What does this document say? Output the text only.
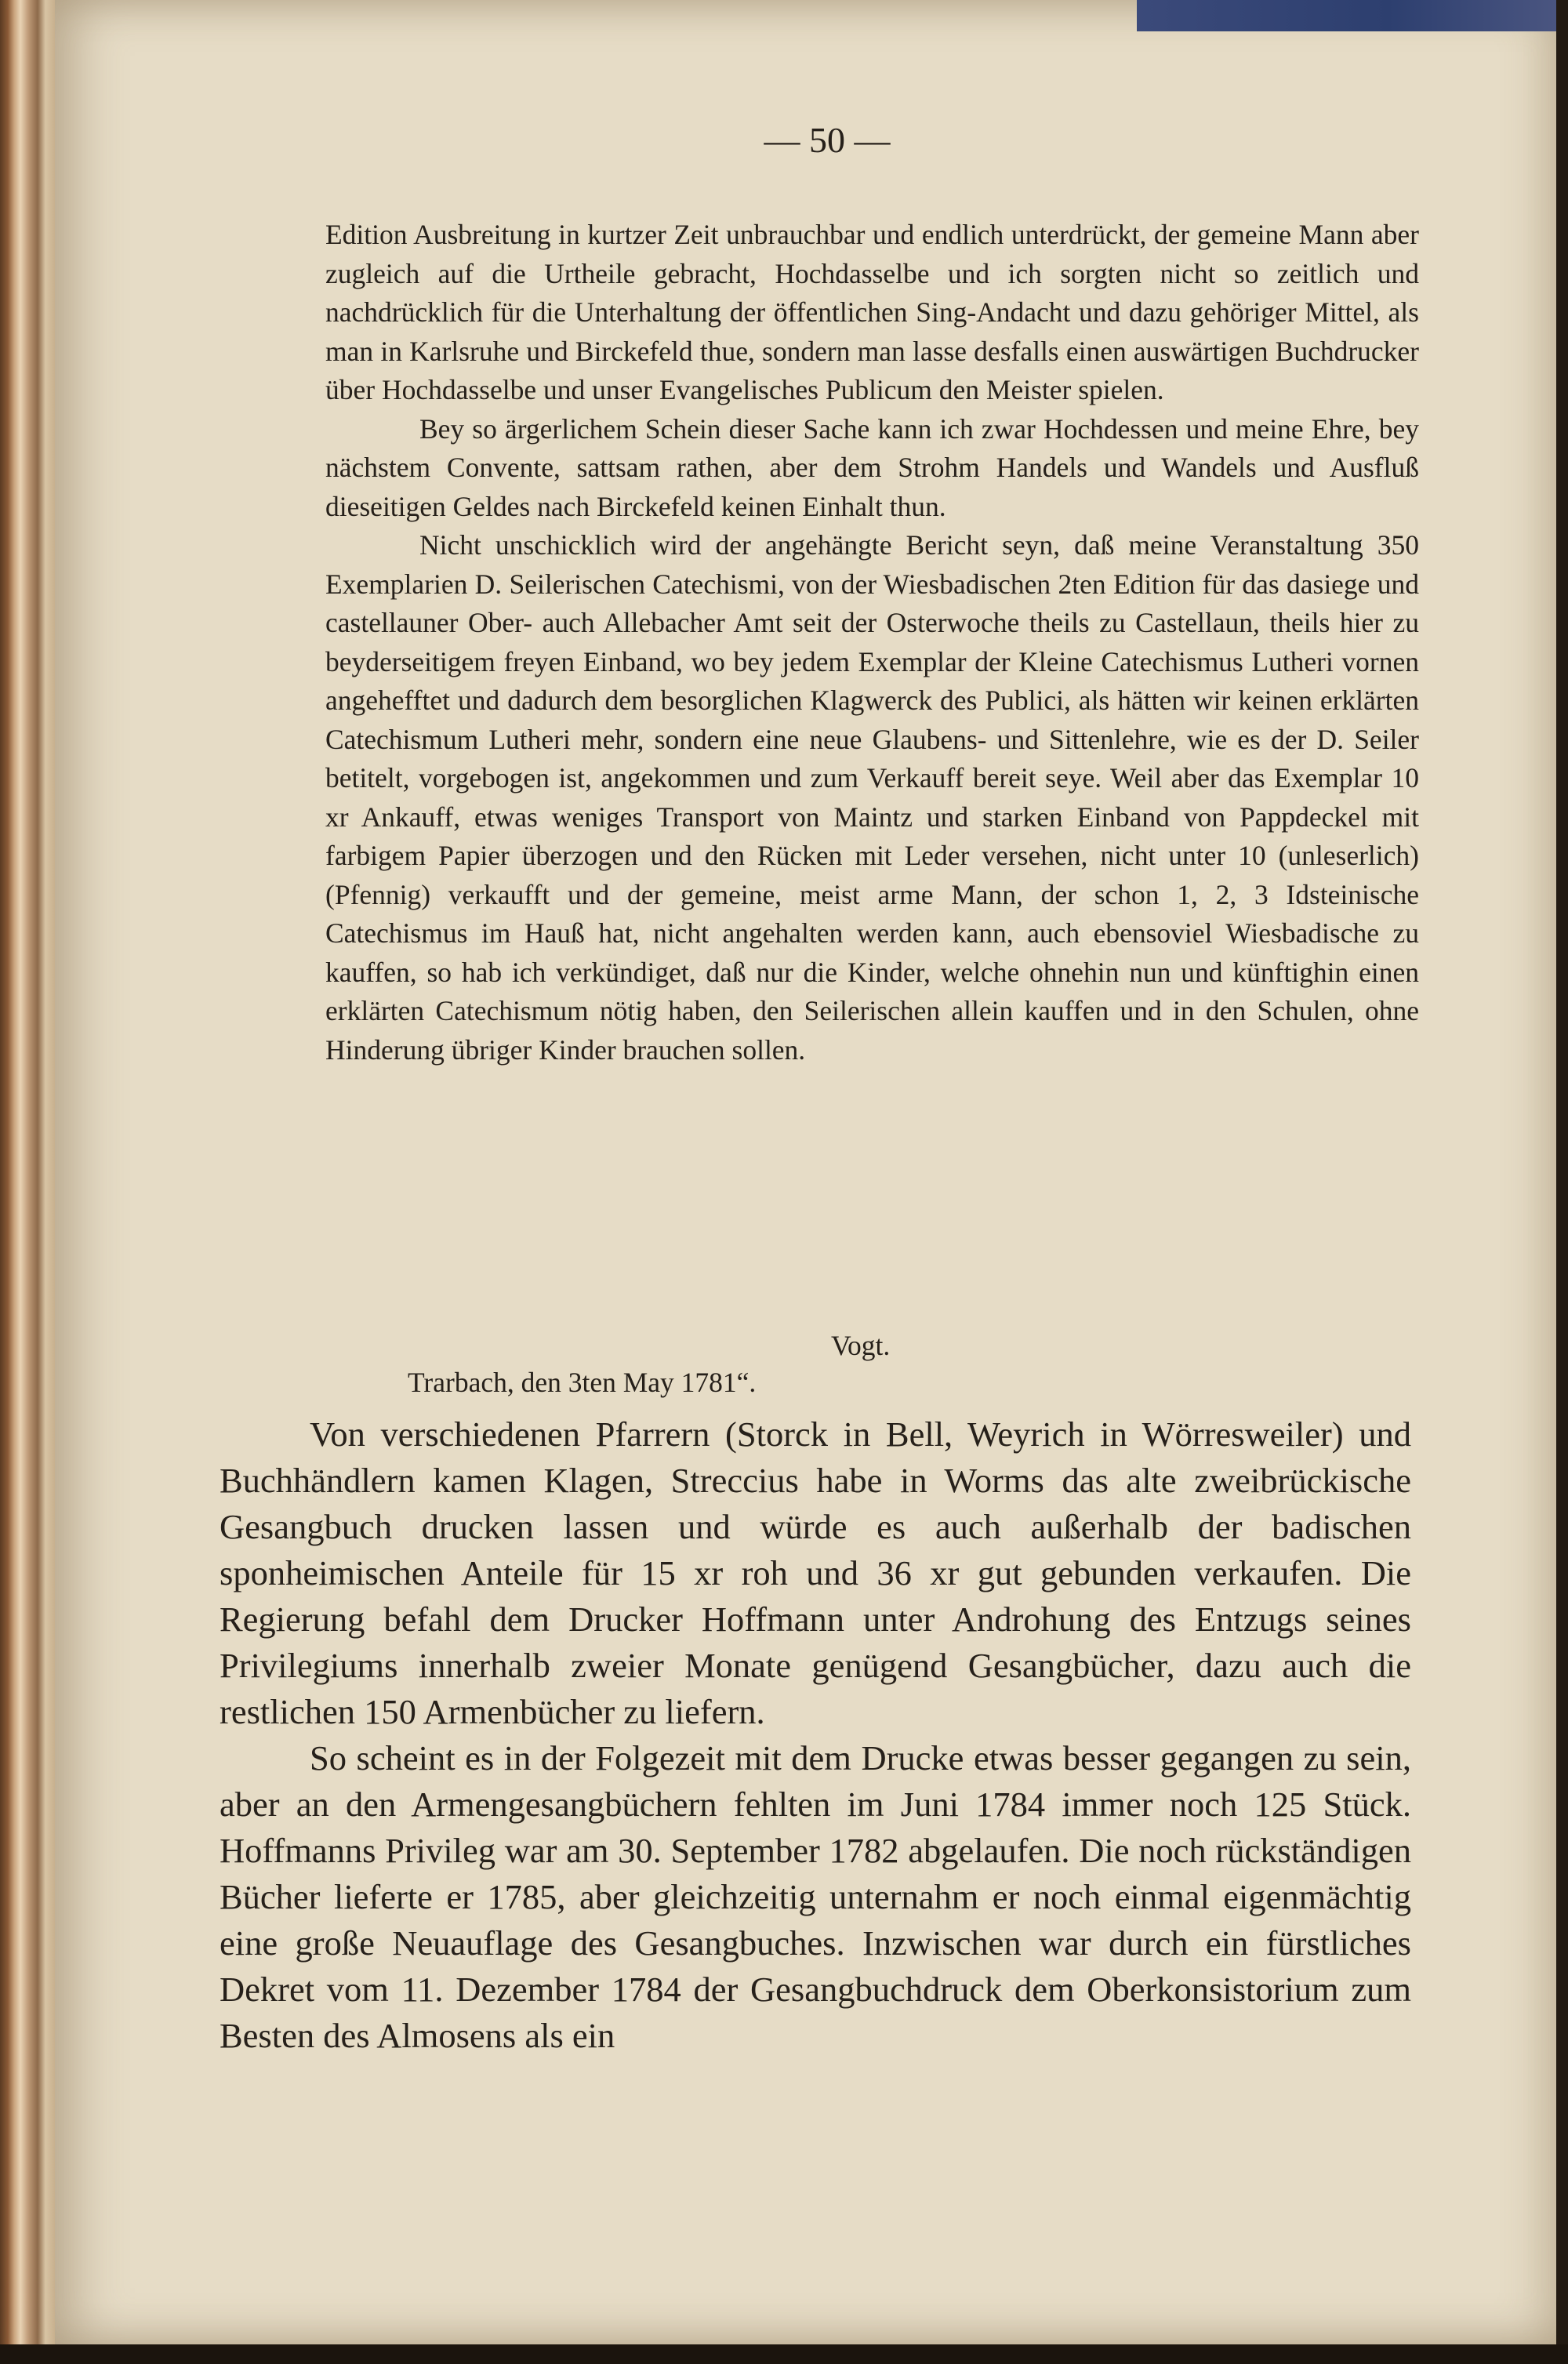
— 50 —

Edition Ausbreitung in kurtzer Zeit unbrauchbar und endlich unterdrückt, der gemeine Mann aber zugleich auf die Urtheile gebracht, Hochdasselbe und ich sorgten nicht so zeitlich und nachdrücklich für die Unterhaltung der öffentlichen Sing-Andacht und dazu gehöriger Mittel, als man in Karlsruhe und Birckefeld thue, sondern man lasse desfalls einen auswärtigen Buchdrucker über Hochdasselbe und unser Evangelisches Publicum den Meister spielen.

Bey so ärgerlichem Schein dieser Sache kann ich zwar Hochdessen und meine Ehre, bey nächstem Convente, sattsam rathen, aber dem Strohm Handels und Wandels und Ausfluß dieseitigen Geldes nach Birckefeld keinen Einhalt thun.

Nicht unschicklich wird der angehängte Bericht seyn, daß meine Veranstaltung 350 Exemplarien D. Seilerischen Catechismi, von der Wiesbadischen 2ten Edition für das dasiege und castellauner Ober- auch Allebacher Amt seit der Osterwoche theils zu Castellaun, theils hier zu beyderseitigem freyen Einband, wo bey jedem Exemplar der Kleine Catechismus Lutheri vornen angehefftet und dadurch dem besorglichen Klagwerck des Publici, als hätten wir keinen erklärten Catechismum Lutheri mehr, sondern eine neue Glaubens- und Sittenlehre, wie es der D. Seiler betitelt, vorgebogen ist, angekommen und zum Verkauff bereit seye. Weil aber das Exemplar 10 xr Ankauff, etwas weniges Transport von Maintz und starken Einband von Pappdeckel mit farbigem Papier überzogen und den Rücken mit Leder versehen, nicht unter 10 (unleserlich) (Pfennig) verkaufft und der gemeine, meist arme Mann, der schon 1, 2, 3 Idsteinische Catechismus im Hauß hat, nicht angehalten werden kann, auch ebensoviel Wiesbadische zu kauffen, so hab ich verkündiget, daß nur die Kinder, welche ohnehin nun und künftighin einen erklärten Catechismum nötig haben, den Seilerischen allein kauffen und in den Schulen, ohne Hinderung übriger Kinder brauchen sollen.

Vogt.
Trarbach, den 3ten May 1781“.

Von verschiedenen Pfarrern (Storck in Bell, Weyrich in Wörresweiler) und Buchhändlern kamen Klagen, Streccius habe in Worms das alte zweibrückische Gesangbuch drucken lassen und würde es auch außerhalb der badischen sponheimischen Anteile für 15 xr roh und 36 xr gut gebunden verkaufen. Die Regierung befahl dem Drucker Hoffmann unter Androhung des Entzugs seines Privilegiums innerhalb zweier Monate genügend Gesangbücher, dazu auch die restlichen 150 Armenbücher zu liefern.

So scheint es in der Folgezeit mit dem Drucke etwas besser gegangen zu sein, aber an den Armengesangbüchern fehlten im Juni 1784 immer noch 125 Stück. Hoffmanns Privileg war am 30. September 1782 abgelaufen. Die noch rückständigen Bücher lieferte er 1785, aber gleichzeitig unternahm er noch einmal eigenmächtig eine große Neuauflage des Gesangbuches. Inzwischen war durch ein fürstliches Dekret vom 11. Dezember 1784 der Gesangbuchdruck dem Oberkonsistorium zum Besten des Almosens als ein
